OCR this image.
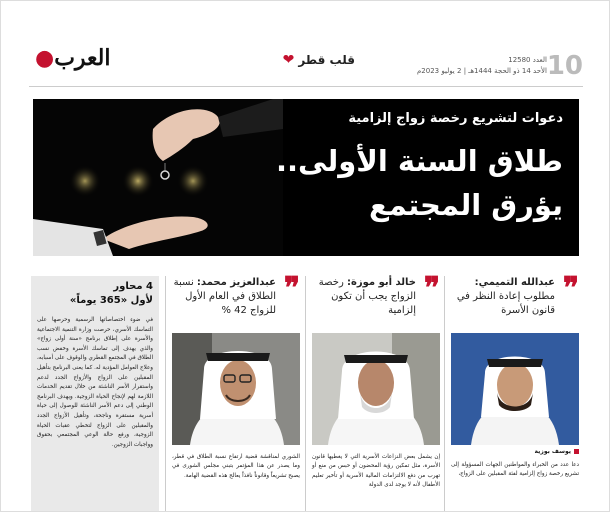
10
العدد 12580
الأحد 14 ذو الحجة 1444هـ | 2 يوليو 2023م
قلب قطر
❤
العرب●
دعوات لتشريع رخصة زواج إلزامية
طلاق السنة الأولى.. يؤرق المجتمع
4 محاور
لأول «365 يوماً»
في ضوء اختصاصاتها الرسمية وحرصها على التماسك الأسري، حرصت وزارة التنمية الاجتماعية والأسرة على إطلاق برنامج «سنة أولى زواج» والذي يهدف إلى تماسك الأسرة وخفض نسب الطلاق في المجتمع القطري والوقوف على أسبابه، وعلاج العوامل المؤدية له. كما يعنى البرنامج بتأهيل المقبلين على الزواج والأزواج الجدد لدعم واستقرار الأسر الناشئة من خلال تقديم الخدمات اللازمة لهم لإنجاح الحياة الزوجية. ويهدف البرنامج الوطني إلى دعم الأسر الناشئة للوصول إلى حياة أسرية مستقرة وناجحة، وتأهيل الأزواج الجدد والمقبلين على الزواج لتخطي عقبات الحياة الزوجية، ورفع حالة الوعي المجتمعي بحقوق وواجبات الزوجين.
❞
عبدالله التميمي: مطلوب إعادة النظر في قانون الأسرة
❞
خالد أبو موزة: رخصة الزواج يجب أن تكون إلزامية
❞
عبدالعزيز محمد: نسبة الطلاق في العام الأول للزواج 42 %
يوسف بوزية
دعا عدد من الخبراء والمواطنين الجهات المسؤولة إلى تشريع رخصة زواج إلزامية لفئة المقبلين على الزواج،
إن يشمل بعض النزاعات الأسرية التي لا يغطيها قانون الأسرة، مثل تمكين رؤية المحضون أو حبس من منع أو تهرب من دفع الالتزامات المالية الأسرية أو تأخير تعليم الأطفال لأنه لا يوجد لدى الدولة
الشوري لمناقشة قضية ارتفاع نسبة الطلاق في قطر، وما يصدر عن هذا المؤتمر بتبني مجلس الشورى في يصبح تشريعاً وقانوناً نافذاً يعالج هذه القضية الهامة.
